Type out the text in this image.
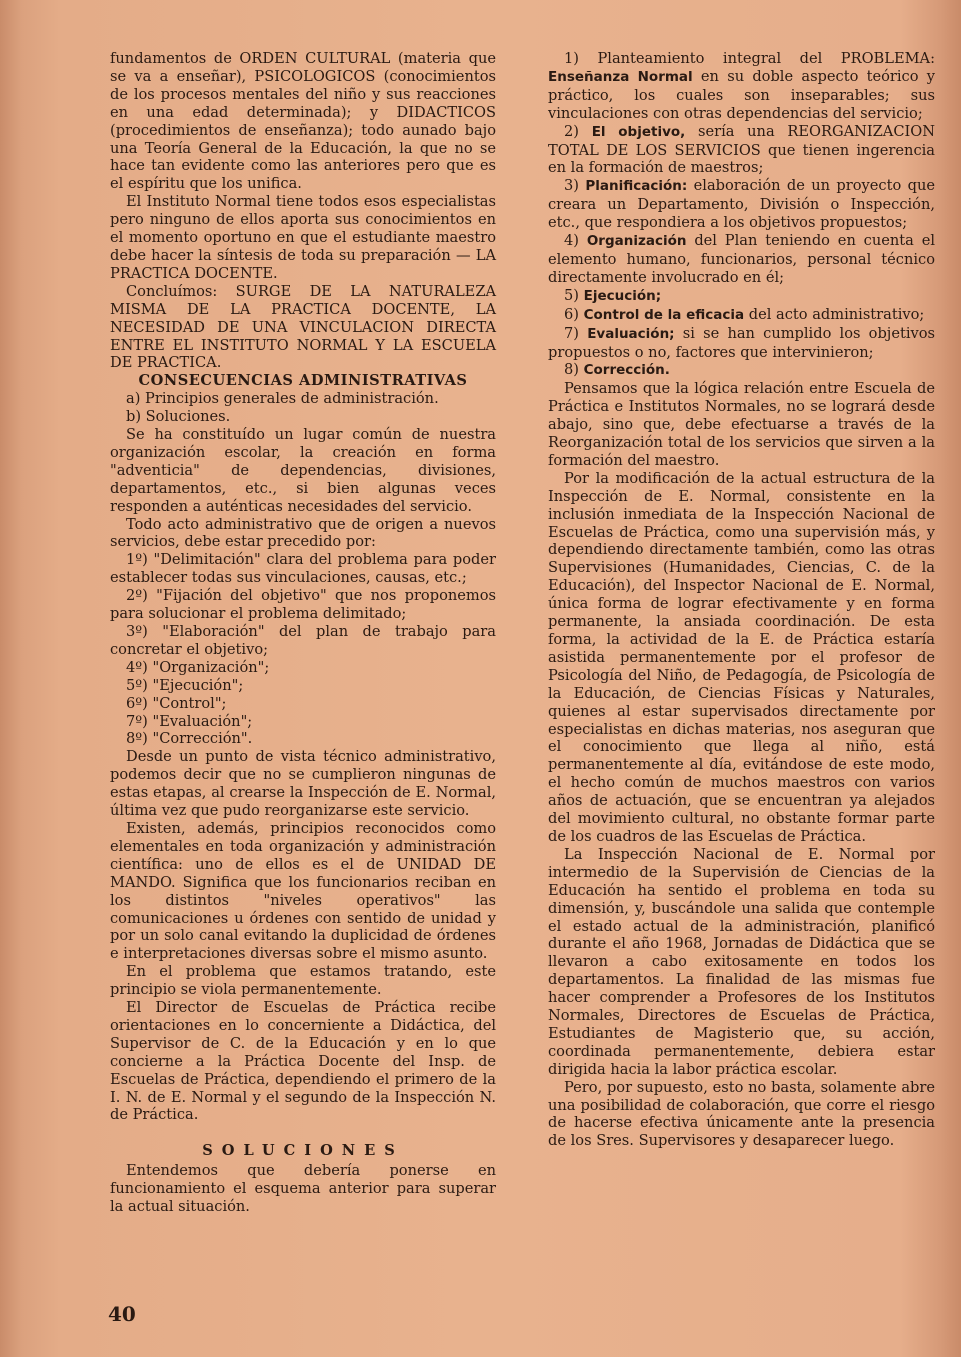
fundamentos de ORDEN CULTURAL (materia que se va a enseñar), PSICOLOGICOS (conocimientos de los procesos mentales del niño y sus reacciones en una edad determinada); y DIDACTICOS (procedimientos de enseñanza); todo aunado bajo una Teoría General de la Educación, la que no se hace tan evidente como las anteriores pero que es el espíritu que los unifica.

El Instituto Normal tiene todos esos especialistas pero ninguno de ellos aporta sus conocimientos en el momento oportuno en que el estudiante maestro debe hacer la síntesis de toda su preparación — LA PRACTICA DOCENTE.

Concluímos: SURGE DE LA NATURALEZA MISMA DE LA PRACTICA DOCENTE, LA NECESIDAD DE UNA VINCULACION DIRECTA ENTRE EL INSTITUTO NORMAL Y LA ESCUELA DE PRACTICA.

CONSECUENCIAS ADMINISTRATIVAS

a) Principios generales de administración.

b) Soluciones.

Se ha constituído un lugar común de nuestra organización escolar, la creación en forma "adventicia" de dependencias, divisiones, departamentos, etc., si bien algunas veces responden a auténticas necesidades del servicio.

Todo acto administrativo que de origen a nuevos servicios, debe estar precedido por:

1º) "Delimitación" clara del problema para poder establecer todas sus vinculaciones, causas, etc.;

2º) "Fijación del objetivo" que nos proponemos para solucionar el problema delimitado;

3º) "Elaboración" del plan de trabajo para concretar el objetivo;

4º) "Organización";

5º) "Ejecución";

6º) "Control";

7º) "Evaluación";

8º) "Corrección".

Desde un punto de vista técnico administrativo, podemos decir que no se cumplieron ningunas de estas etapas, al crearse la Inspección de E. Normal, última vez que pudo reorganizarse este servicio.

Existen, además, principios reconocidos como elementales en toda organización y administración científica: uno de ellos es el de UNIDAD DE MANDO. Significa que los funcionarios reciban en los distintos "niveles operativos" las comunicaciones u órdenes con sentido de unidad y por un solo canal evitando la duplicidad de órdenes e interpretaciones diversas sobre el mismo asunto.

En el problema que estamos tratando, este principio se viola permanentemente.

El Director de Escuelas de Práctica recibe orientaciones en lo concerniente a Didáctica, del Supervisor de C. de la Educación y en lo que concierne a la Práctica Docente del Insp. de Escuelas de Práctica, dependiendo el primero de la I. N. de E. Normal y el segundo de la Inspección N. de Práctica.

SOLUCIONES

Entendemos que debería ponerse en funcionamiento el esquema anterior para superar la actual situación.

1) Planteamiento integral del PROBLEMA: Enseñanza Normal en su doble aspecto teórico y práctico, los cuales son inseparables; sus vinculaciones con otras dependencias del servicio;

2) El objetivo, sería una REORGANIZACION TOTAL DE LOS SERVICIOS que tienen ingerencia en la formación de maestros;

3) Planificación: elaboración de un proyecto que creara un Departamento, División o Inspección, etc., que respondiera a los objetivos propuestos;

4) Organización del Plan teniendo en cuenta el elemento humano, funcionarios, personal técnico directamente involucrado en él;

5) Ejecución;

6) Control de la eficacia del acto administrativo;

7) Evaluación; si se han cumplido los objetivos propuestos o no, factores que intervinieron;

8) Corrección.

Pensamos que la lógica relación entre Escuela de Práctica e Institutos Normales, no se logrará desde abajo, sino que, debe efectuarse a través de la Reorganización total de los servicios que sirven a la formación del maestro.

Por la modificación de la actual estructura de la Inspección de E. Normal, consistente en la inclusión inmediata de la Inspección Nacional de Escuelas de Práctica, como una supervisión más, y dependiendo directamente también, como las otras Supervisiones (Humanidades, Ciencias, C. de la Educación), del Inspector Nacional de E. Normal, única forma de lograr efectivamente y en forma permanente, la ansiada coordinación. De esta forma, la actividad de la E. de Práctica estaría asistida permanentemente por el profesor de Psicología del Niño, de Pedagogía, de Psicología de la Educación, de Ciencias Físicas y Naturales, quienes al estar supervisados directamente por especialistas en dichas materias, nos aseguran que el conocimiento que llega al niño, está permanentemente al día, evitándose de este modo, el hecho común de muchos maestros con varios años de actuación, que se encuentran ya alejados del movimiento cultural, no obstante formar parte de los cuadros de las Escuelas de Práctica.

La Inspección Nacional de E. Normal por intermedio de la Supervisión de Ciencias de la Educación ha sentido el problema en toda su dimensión, y, buscándole una salida que contemple el estado actual de la administración, planificó durante el año 1968, Jornadas de Didáctica que se llevaron a cabo exitosamente en todos los departamentos. La finalidad de las mismas fue hacer comprender a Profesores de los Institutos Normales, Directores de Escuelas de Práctica, Estudiantes de Magisterio que, su acción, coordinada permanentemente, debiera estar dirigida hacia la labor práctica escolar.

Pero, por supuesto, esto no basta, solamente abre una posibilidad de colaboración, que corre el riesgo de hacerse efectiva únicamente ante la presencia de los Sres. Supervisores y desaparecer luego.

40
